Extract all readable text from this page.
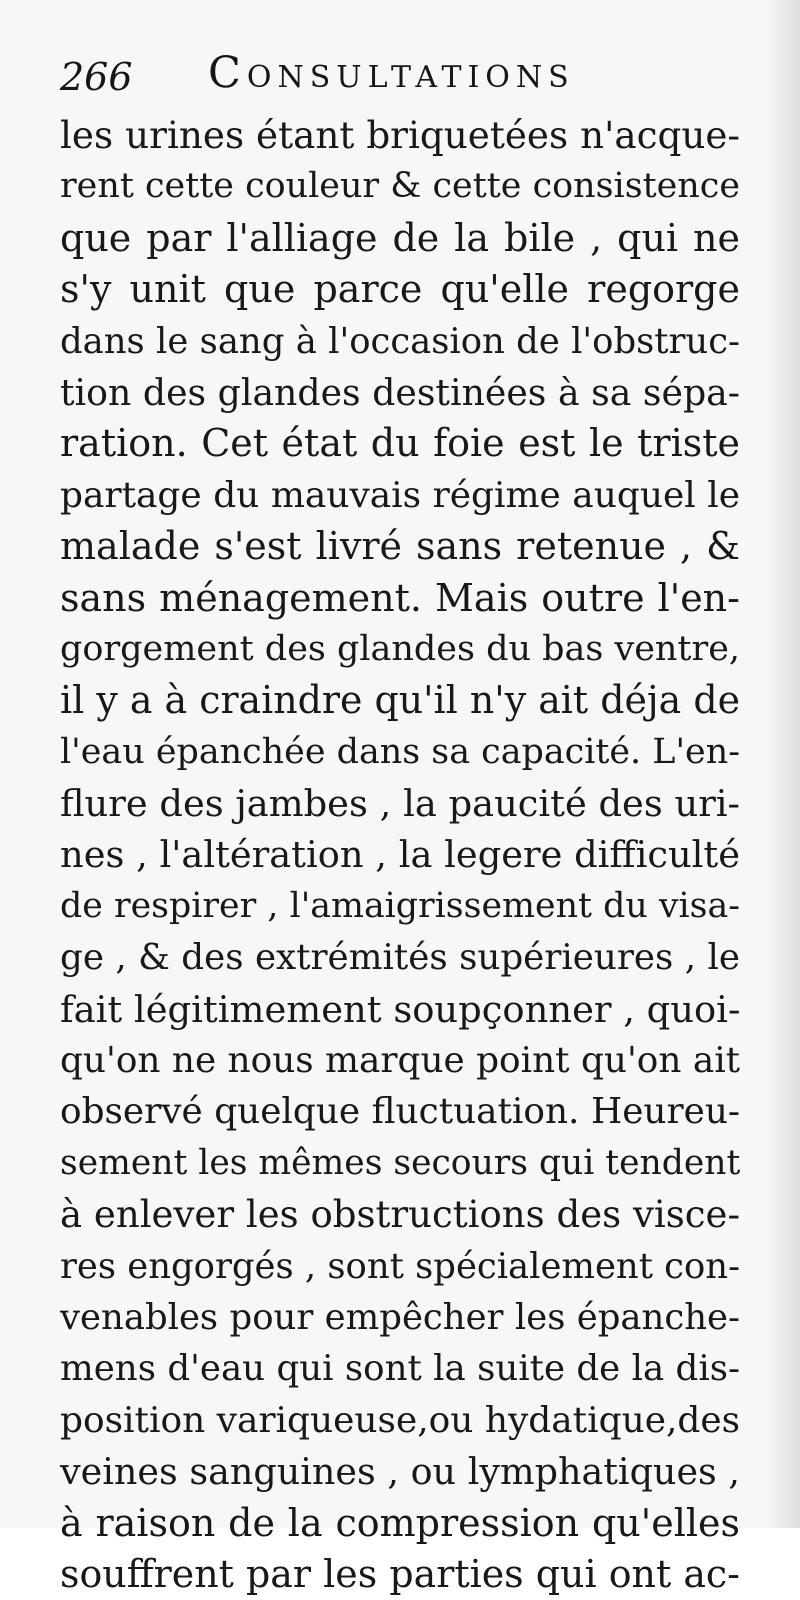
266 Consultations
les urines étant briquetées n'acque-
rent cette couleur & cette consistence
que par l'alliage de la bile , qui ne
s'y unit que parce qu'elle regorge
dans le sang à l'occasion de l'obstruc-
tion des glandes destinées à sa sépa-
ration. Cet état du foie est le triste
partage du mauvais régime auquel le
malade s'est livré sans retenue , &
sans ménagement. Mais outre l'en-
gorgement des glandes du bas ventre,
il y a à craindre qu'il n'y ait déja de
l'eau épanchée dans sa capacité. L'en-
flure des jambes , la paucité des uri-
nes , l'altération , la legere difficulté
de respirer , l'amaigrissement du visa-
ge , & des extrémités supérieures , le
fait légitimement soupçonner , quoi-
qu'on ne nous marque point qu'on ait
observé quelque fluctuation. Heureu-
sement les mêmes secours qui tendent
à enlever les obstructions des visce-
res engorgés , sont spécialement con-
venables pour empêcher les épanche-
mens d'eau qui sont la suite de la dis-
position variqueuse,ou hydatique,des
veines sanguines , ou lymphatiques ,
à raison de la compression qu'elles
souffrent par les parties qui ont ac-
